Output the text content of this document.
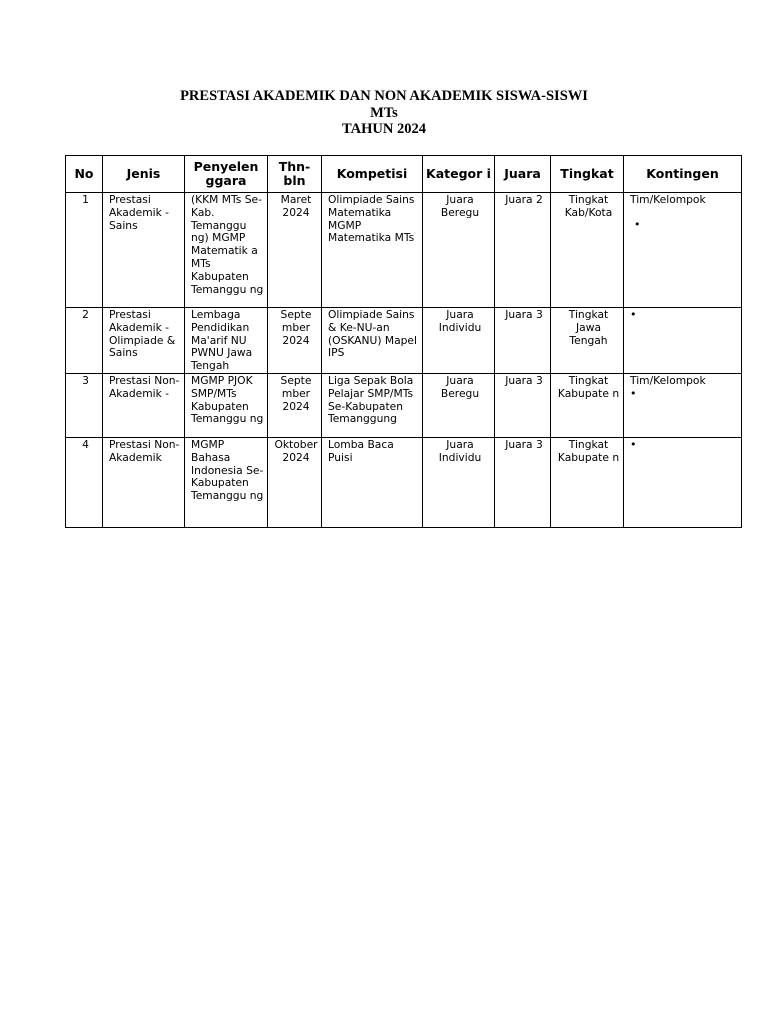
PRESTASI AKADEMIK DAN NON AKADEMIK SISWA-SISWI
MTs
TAHUN 2024
No	Jenis	Penyelen ggara	Thn-bln	Kompetisi	Kategor i	Juara	Tingkat	Kontingen
1	Prestasi Akademik - Sains	(KKM MTs Se-Kab. Temanggu ng) MGMP Matematik a MTs Kabupaten Temanggu ng	Maret 2024	Olimpiade Sains Matematika MGMP Matematika MTs	Juara Beregu	Juara 2	Tingkat Kab/Kota	Tim/Kelompok
•

2	Prestasi Akademik - Olimpiade & Sains	Lembaga Pendidikan Ma'arif NU PWNU Jawa Tengah	Septe mber 2024	Olimpiade Sains & Ke-NU-an (OSKANU) Mapel IPS	Juara Individu	Juara 3	Tingkat Jawa Tengah	•

3	Prestasi Non-Akademik -	MGMP PJOK SMP/MTs Kabupaten Temanggu ng	Septe mber 2024	Liga Sepak Bola Pelajar SMP/MTs Se-Kabupaten Temanggung	Juara Beregu	Juara 3	Tingkat Kabupate n	Tim/Kelompok
•

4	Prestasi Non-Akademik	MGMP Bahasa Indonesia Se-Kabupaten Temanggu ng	Oktober 2024	Lomba Baca Puisi	Juara Individu	Juara 3	Tingkat Kabupate n	•
